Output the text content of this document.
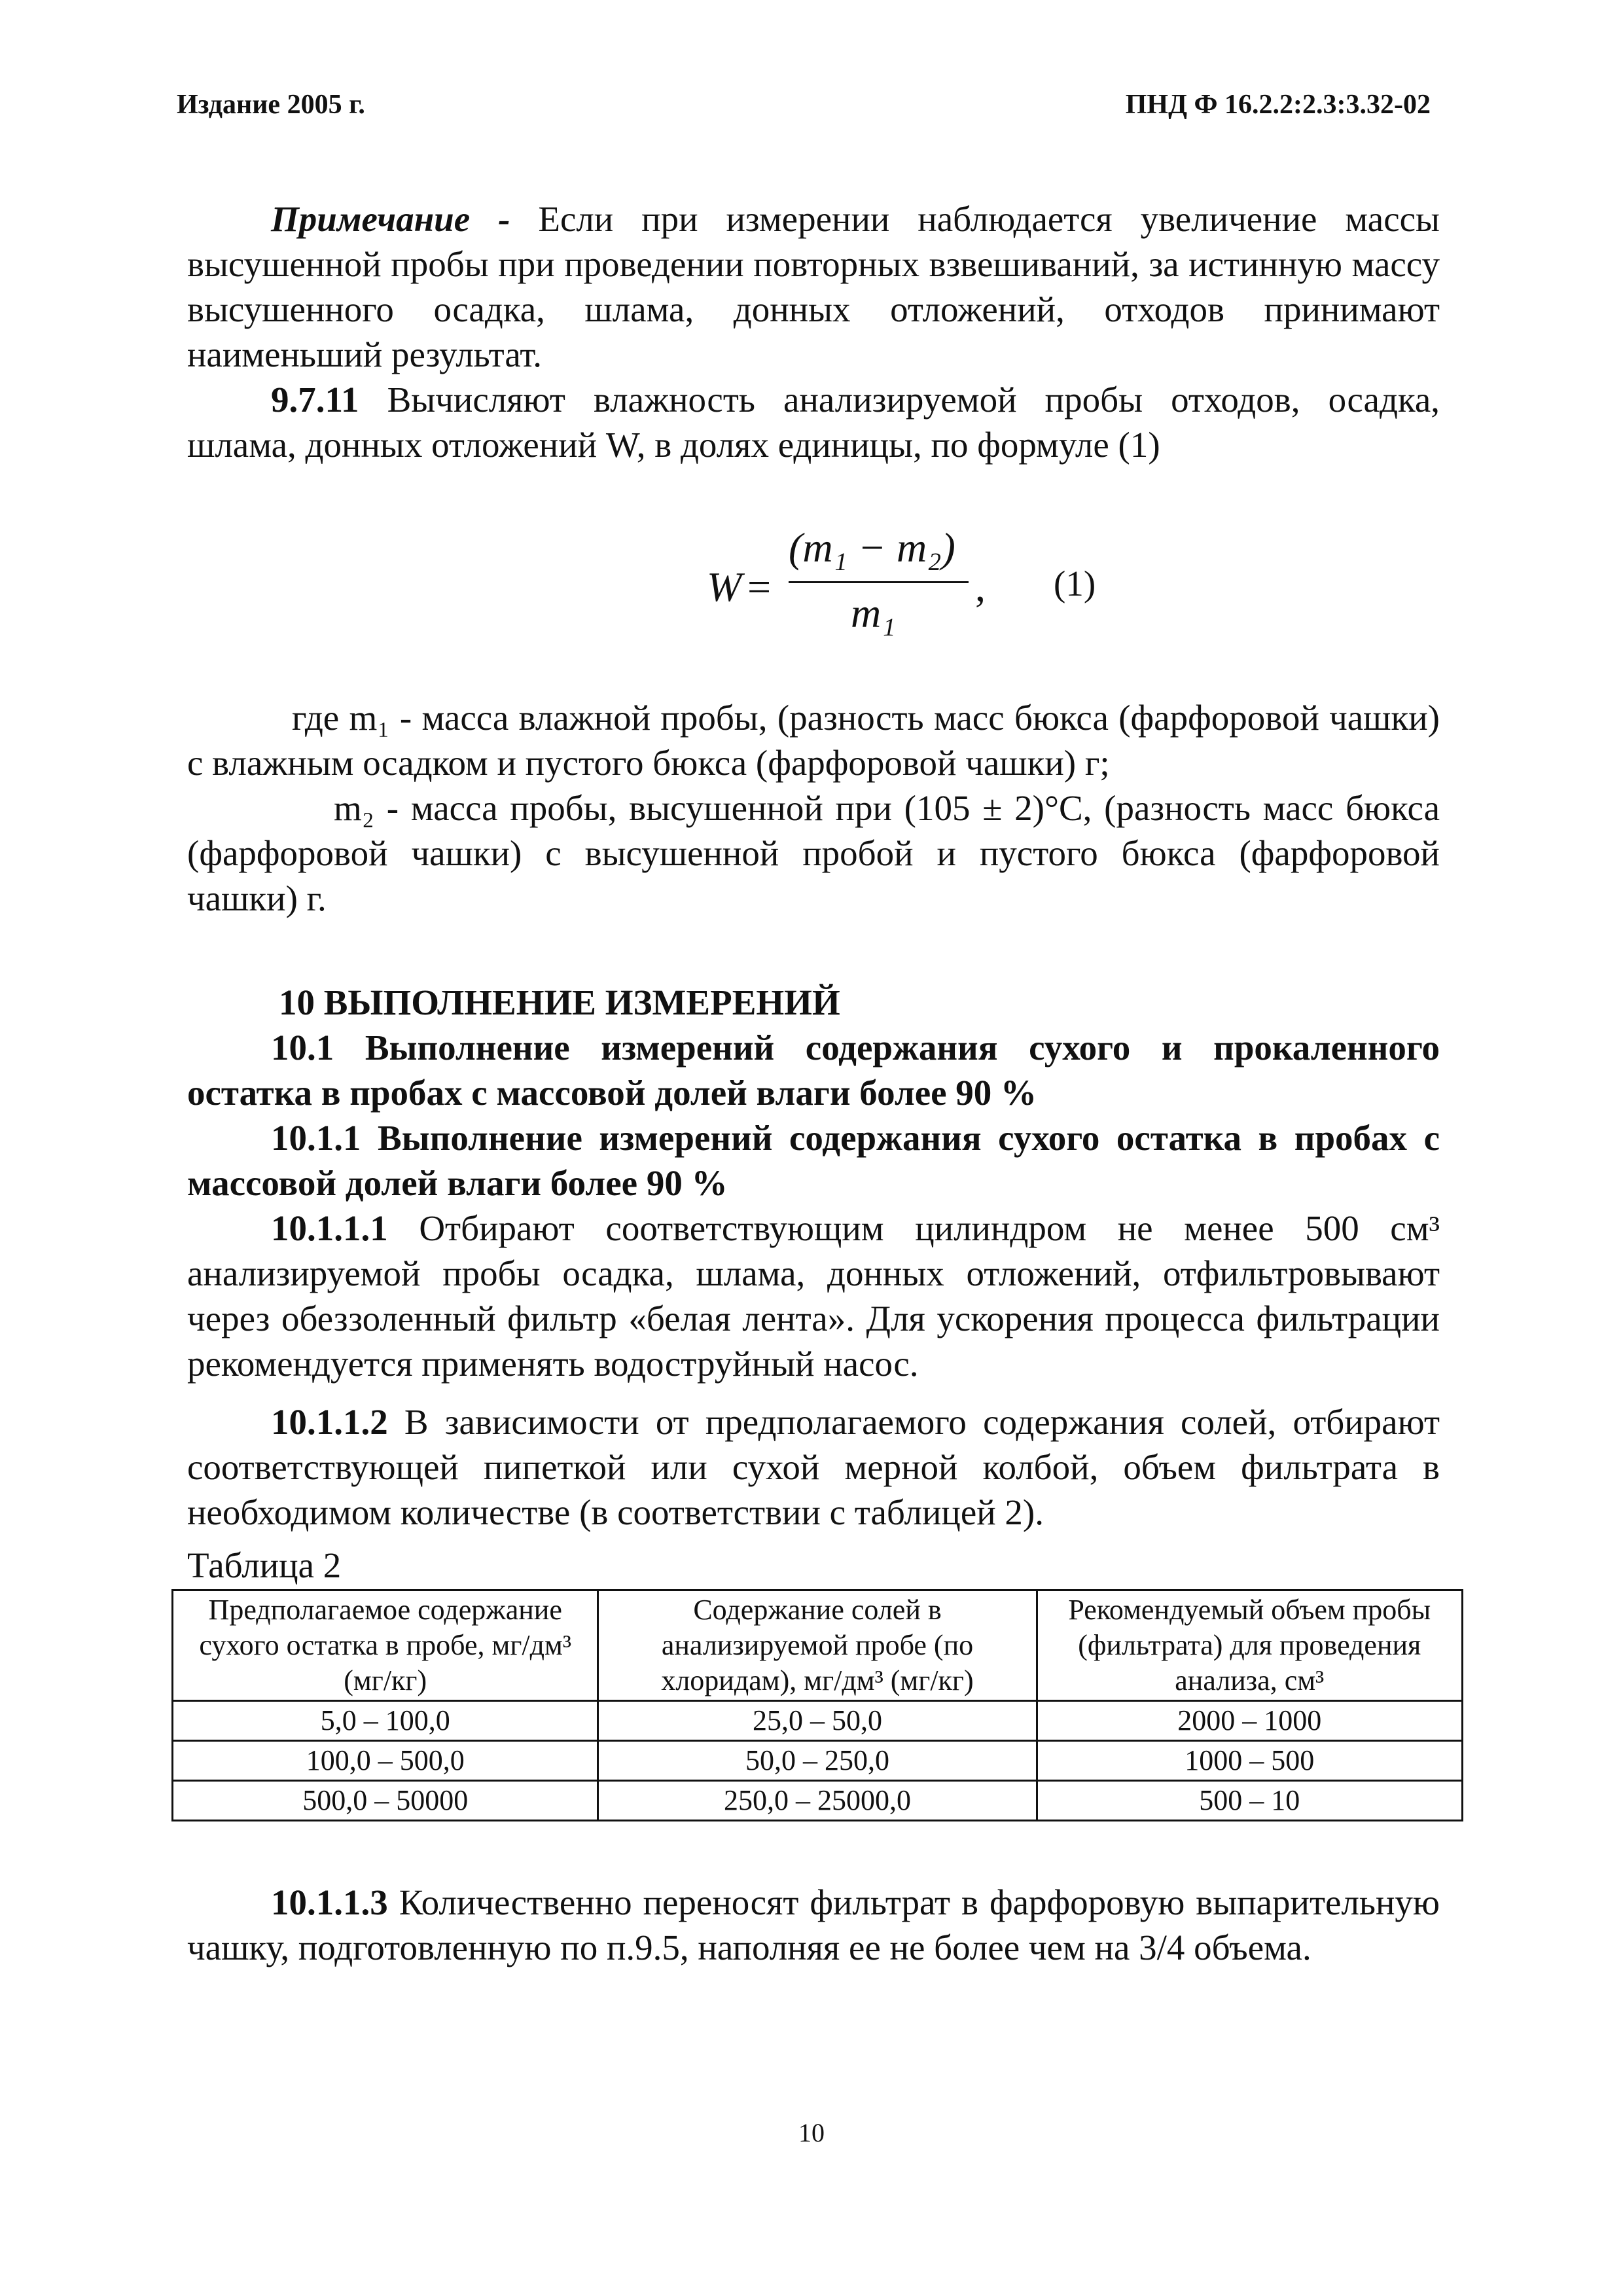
Издание 2005 г.	ПНД Ф 16.2.2:2.3:3.32-02

Примечание - Если при измерении наблюдается увеличение массы высушенной пробы при проведении повторных взвешиваний, за истинную массу высушенного осадка, шлама, донных отложений, отходов принимают наименьший результат.

9.7.11 Вычисляют влажность анализируемой пробы отходов, осадка, шлама, донных отложений W, в долях единицы, по формуле (1)

W =
(m₁ − m₂)
m₁
, (1)

где m₁ - масса влажной пробы, (разность масс бюкса (фарфоровой чашки) с влажным осадком и пустого бюкса (фарфоровой чашки) г;

m₂ - масса пробы, высушенной при (105 ± 2)°С, (разность масс бюкса (фарфоровой чашки) с высушенной пробой и пустого бюкса (фарфоровой чашки) г.

10 ВЫПОЛНЕНИЕ ИЗМЕРЕНИЙ

10.1 Выполнение измерений содержания сухого и прокаленного остатка в пробах с массовой долей влаги более 90 %

10.1.1 Выполнение измерений содержания сухого остатка в пробах с массовой долей влаги более 90 %

10.1.1.1 Отбирают соответствующим цилиндром не менее 500 см³ анализируемой пробы осадка, шлама, донных отложений, отфильтровывают через обеззоленный фильтр «белая лента». Для ускорения процесса фильтрации рекомендуется применять водоструйный насос.

10.1.1.2 В зависимости от предполагаемого содержания солей, отбирают соответствующей пипеткой или сухой мерной колбой, объем фильтрата в необходимом количестве (в соответствии с таблицей 2).

Таблица 2
Предполагаемое содержание сухого остатка в пробе, мг/дм³ (мг/кг)	Содержание солей в анализируемой пробе (по хлоридам), мг/дм³ (мг/кг)	Рекомендуемый объем пробы (фильтрата) для проведения анализа, см³
5,0 – 100,0	25,0 – 50,0	2000 – 1000
100,0 – 500,0	50,0 – 250,0	1000 – 500
500,0 – 50000	250,0 – 25000,0	500 – 10

10.1.1.3 Количественно переносят фильтрат в фарфоровую выпарительную чашку, подготовленную по п.9.5, наполняя ее не более чем на 3/4 объема.

10
